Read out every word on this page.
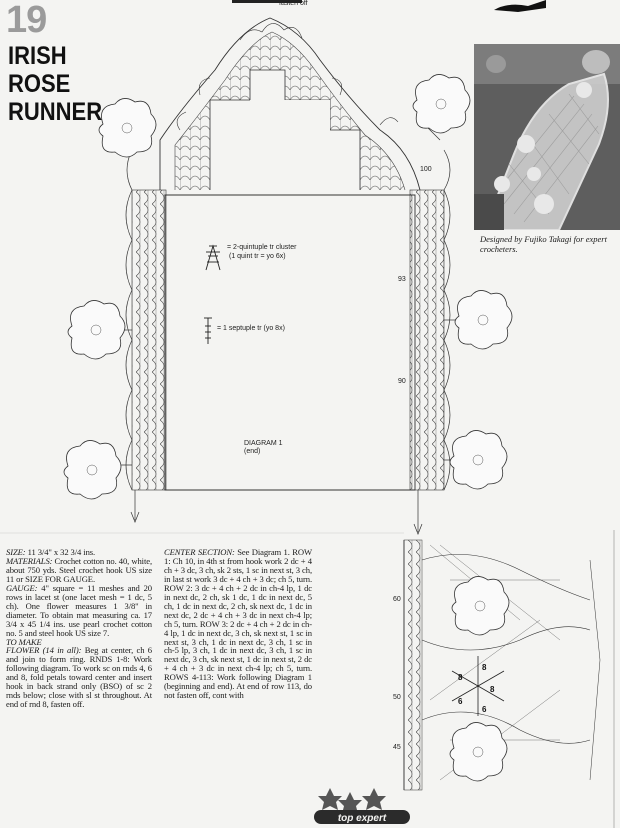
fasten off
19
IRISH
ROSE
RUNNER
Designed by Fujiko Takagi for expert crocheters.
8
8
6
6
8
= 2-quintuple tr cluster
(1 quint tr = yo 6x)
= 1 septuple tr (yo 8x)
DIAGRAM 1
(end)
100
93
90
60
50
45

SIZE: 11 3/4" x 32 3/4 ins.

MATERIALS: Crochet cotton no. 40, white, about 750 yds. Steel crochet hook US size 11 or SIZE FOR GAUGE.

GAUGE: 4" square = 11 meshes and 20 rows in lacet st (one lacet mesh = 1 dc, 5 ch). One flower measures 1 3/8" in diameter. To obtain mat measuring ca. 17 3/4 x 45 1/4 ins. use pearl crochet cotton no. 5 and steel hook US size 7.

TO MAKE

FLOWER (14 in all): Beg at center, ch 6 and join to form ring. RNDS 1-8: Work following diagram. To work sc on rnds 4, 6 and 8, fold petals toward center and insert hook in back strand only (BSO) of sc 2 rnds below; close with sl st throughout. At end of rnd 8, fasten off.

CENTER SECTION: See Diagram 1. ROW 1: Ch 10, in 4th st from hook work 2 dc + 4 ch + 3 dc, 3 ch, sk 2 sts, 1 sc in next st, 3 ch, in last st work 3 dc + 4 ch + 3 dc; ch 5, turn. ROW 2: 3 dc + 4 ch + 2 dc in ch-4 lp, 1 dc in next dc, 2 ch, sk 1 dc, 1 dc in next dc, 5 ch, 1 dc in next dc, 2 ch, sk next dc, 1 dc in next dc, 2 dc + 4 ch + 3 dc in next ch-4 lp; ch 5, turn. ROW 3: 2 dc + 4 ch + 2 dc in ch-4 lp, 1 dc in next dc, 3 ch, sk next st, 1 sc in next st, 3 ch, 1 dc in next dc, 3 ch, 1 sc in ch-5 lp, 3 ch, 1 dc in next dc, 3 ch, 1 sc in next dc, 3 ch, sk next st, 1 dc in next st, 2 dc + 4 ch + 3 dc in next ch-4 lp; ch 5, turn. ROWS 4-113: Work following Diagram 1 (beginning and end). At end of row 113, do not fasten off, cont with

top expert
